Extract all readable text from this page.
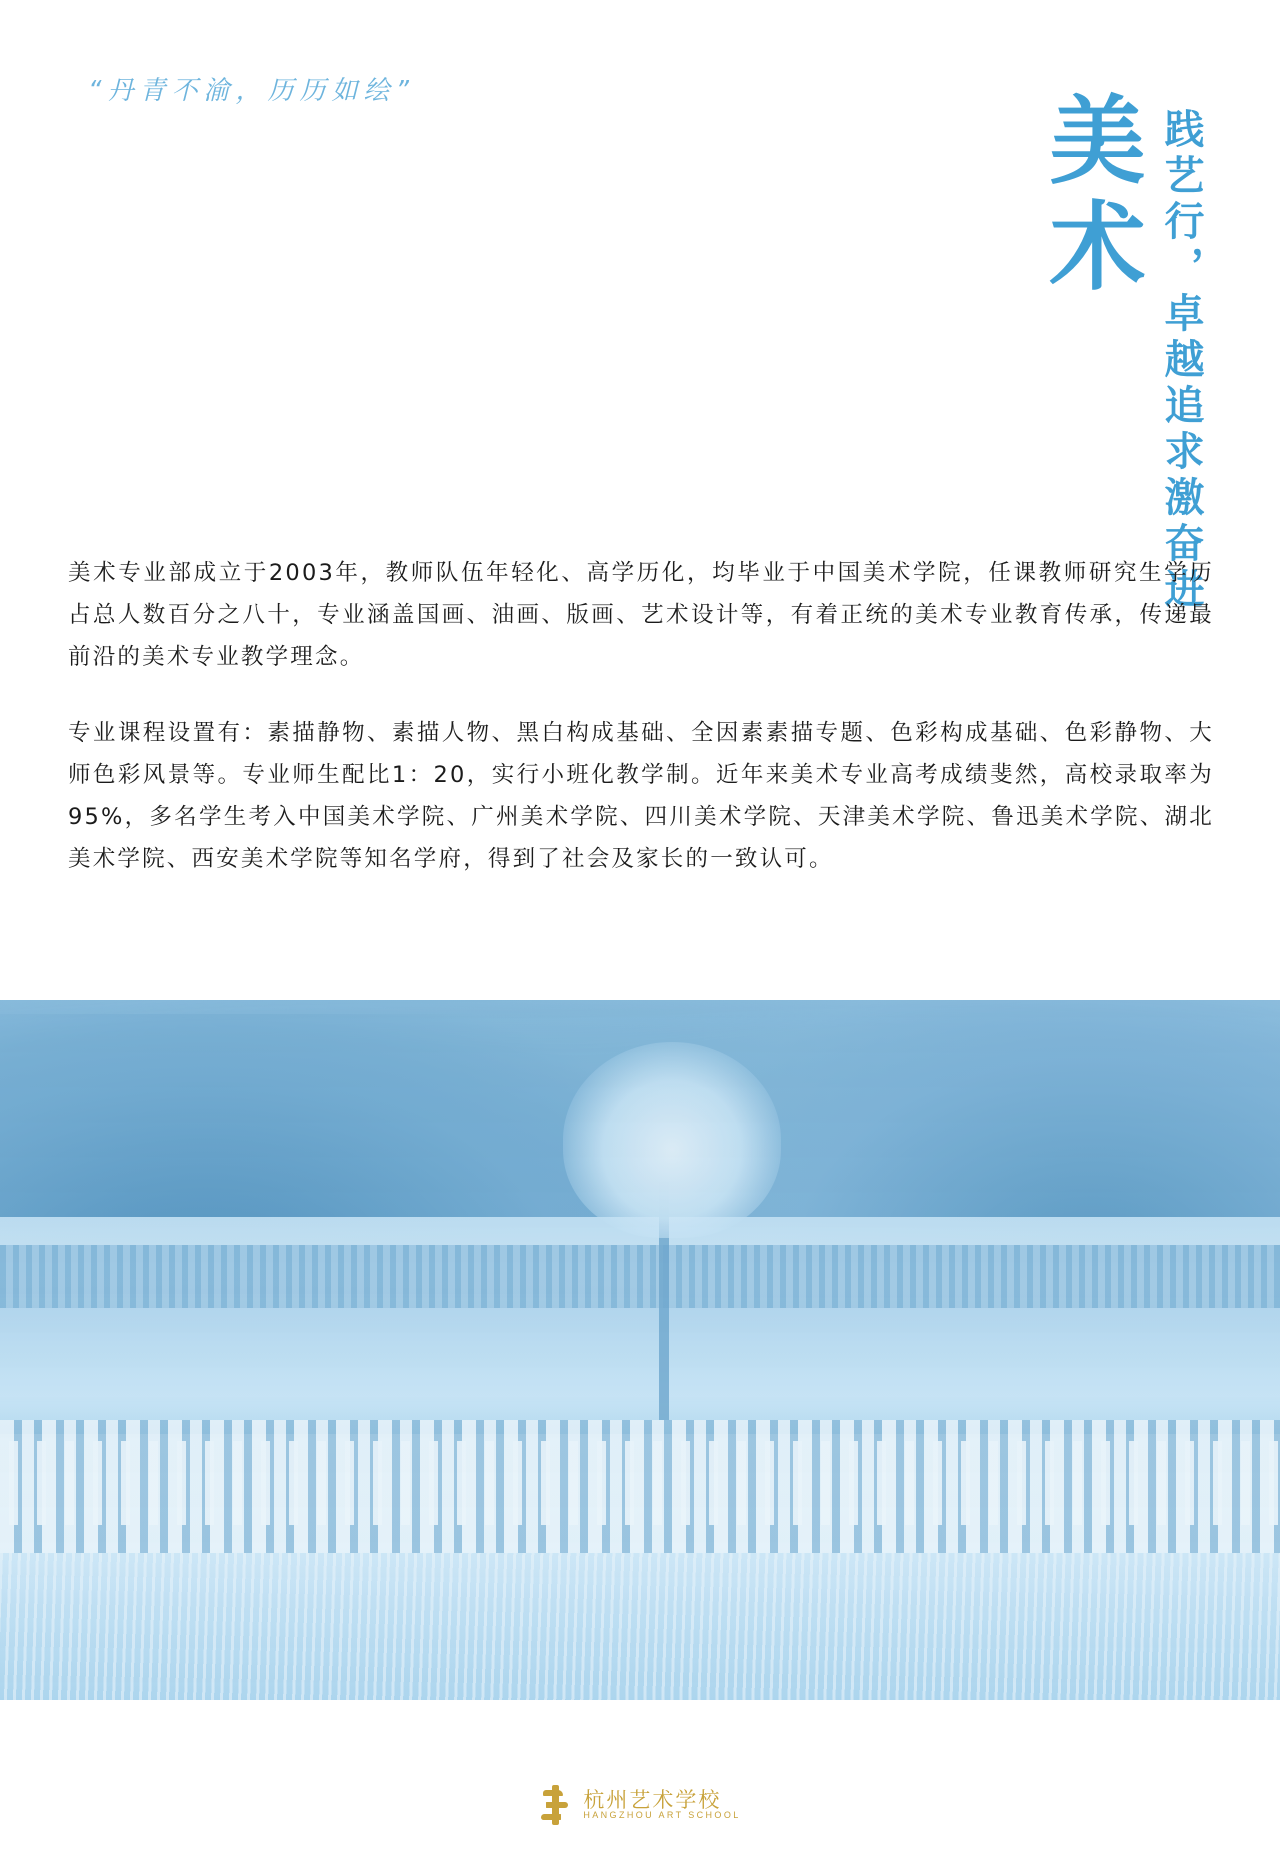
“丹青不渝，历历如绘”	美术 践艺行，卓越追求激奋进

美术专业部成立于2003年，教师队伍年轻化、高学历化，均毕业于中国美术学院，任课教师研究生学历占总人数百分之八十，专业涵盖国画、油画、版画、艺术设计等，有着正统的美术专业教育传承，传递最前沿的美术专业教学理念。

专业课程设置有：素描静物、素描人物、黑白构成基础、全因素素描专题、色彩构成基础、色彩静物、大师色彩风景等。专业师生配比1：20，实行小班化教学制。近年来美术专业高考成绩斐然，高校录取率为95%，多名学生考入中国美术学院、广州美术学院、四川美术学院、天津美术学院、鲁迅美术学院、湖北美术学院、西安美术学院等知名学府，得到了社会及家长的一致认可。

杭州艺术学校
HANGZHOU ART SCHOOL
